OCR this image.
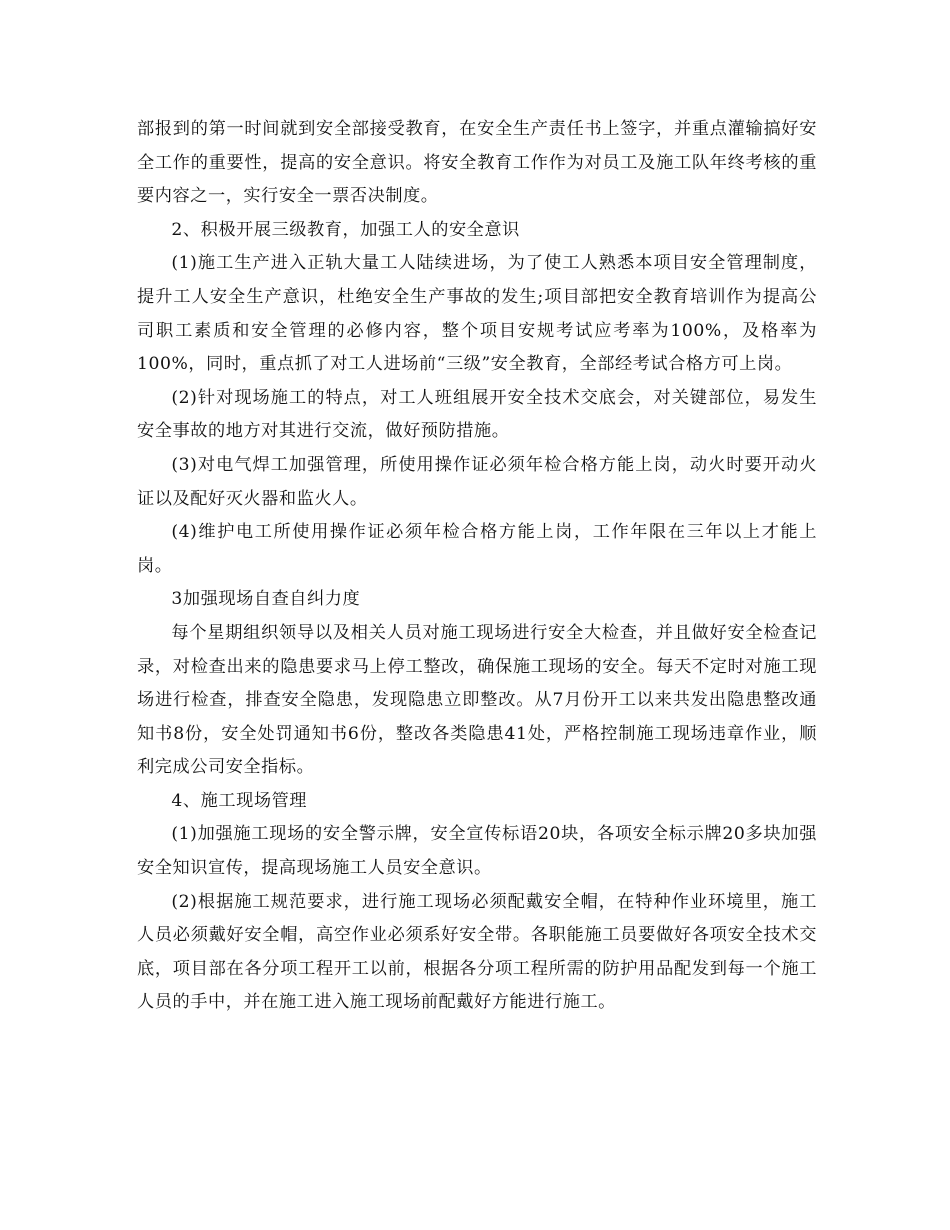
部报到的第一时间就到安全部接受教育，在安全生产责任书上签字，并重点灌输搞好安全工作的重要性，提高的安全意识。将安全教育工作作为对员工及施工队年终考核的重要内容之一，实行安全一票否决制度。

2、积极开展三级教育，加强工人的安全意识

(1)施工生产进入正轨大量工人陆续进场，为了使工人熟悉本项目安全管理制度，提升工人安全生产意识，杜绝安全生产事故的发生;项目部把安全教育培训作为提高公司职工素质和安全管理的必修内容，整个项目安规考试应考率为100%，及格率为100%，同时，重点抓了对工人进场前“三级”安全教育，全部经考试合格方可上岗。

(2)针对现场施工的特点，对工人班组展开安全技术交底会，对关键部位，易发生安全事故的地方对其进行交流，做好预防措施。

(3)对电气焊工加强管理，所使用操作证必须年检合格方能上岗，动火时要开动火证以及配好灭火器和监火人。

(4)维护电工所使用操作证必须年检合格方能上岗，工作年限在三年以上才能上岗。

3加强现场自查自纠力度

每个星期组织领导以及相关人员对施工现场进行安全大检查，并且做好安全检查记录，对检查出来的隐患要求马上停工整改，确保施工现场的安全。每天不定时对施工现场进行检查，排查安全隐患，发现隐患立即整改。从7月份开工以来共发出隐患整改通知书8份，安全处罚通知书6份，整改各类隐患41处，严格控制施工现场违章作业，顺利完成公司安全指标。

4、施工现场管理

(1)加强施工现场的安全警示牌，安全宣传标语20块，各项安全标示牌20多块加强安全知识宣传，提高现场施工人员安全意识。

(2)根据施工规范要求，进行施工现场必须配戴安全帽，在特种作业环境里，施工人员必须戴好安全帽，高空作业必须系好安全带。各职能施工员要做好各项安全技术交底，项目部在各分项工程开工以前，根据各分项工程所需的防护用品配发到每一个施工人员的手中，并在施工进入施工现场前配戴好方能进行施工。
